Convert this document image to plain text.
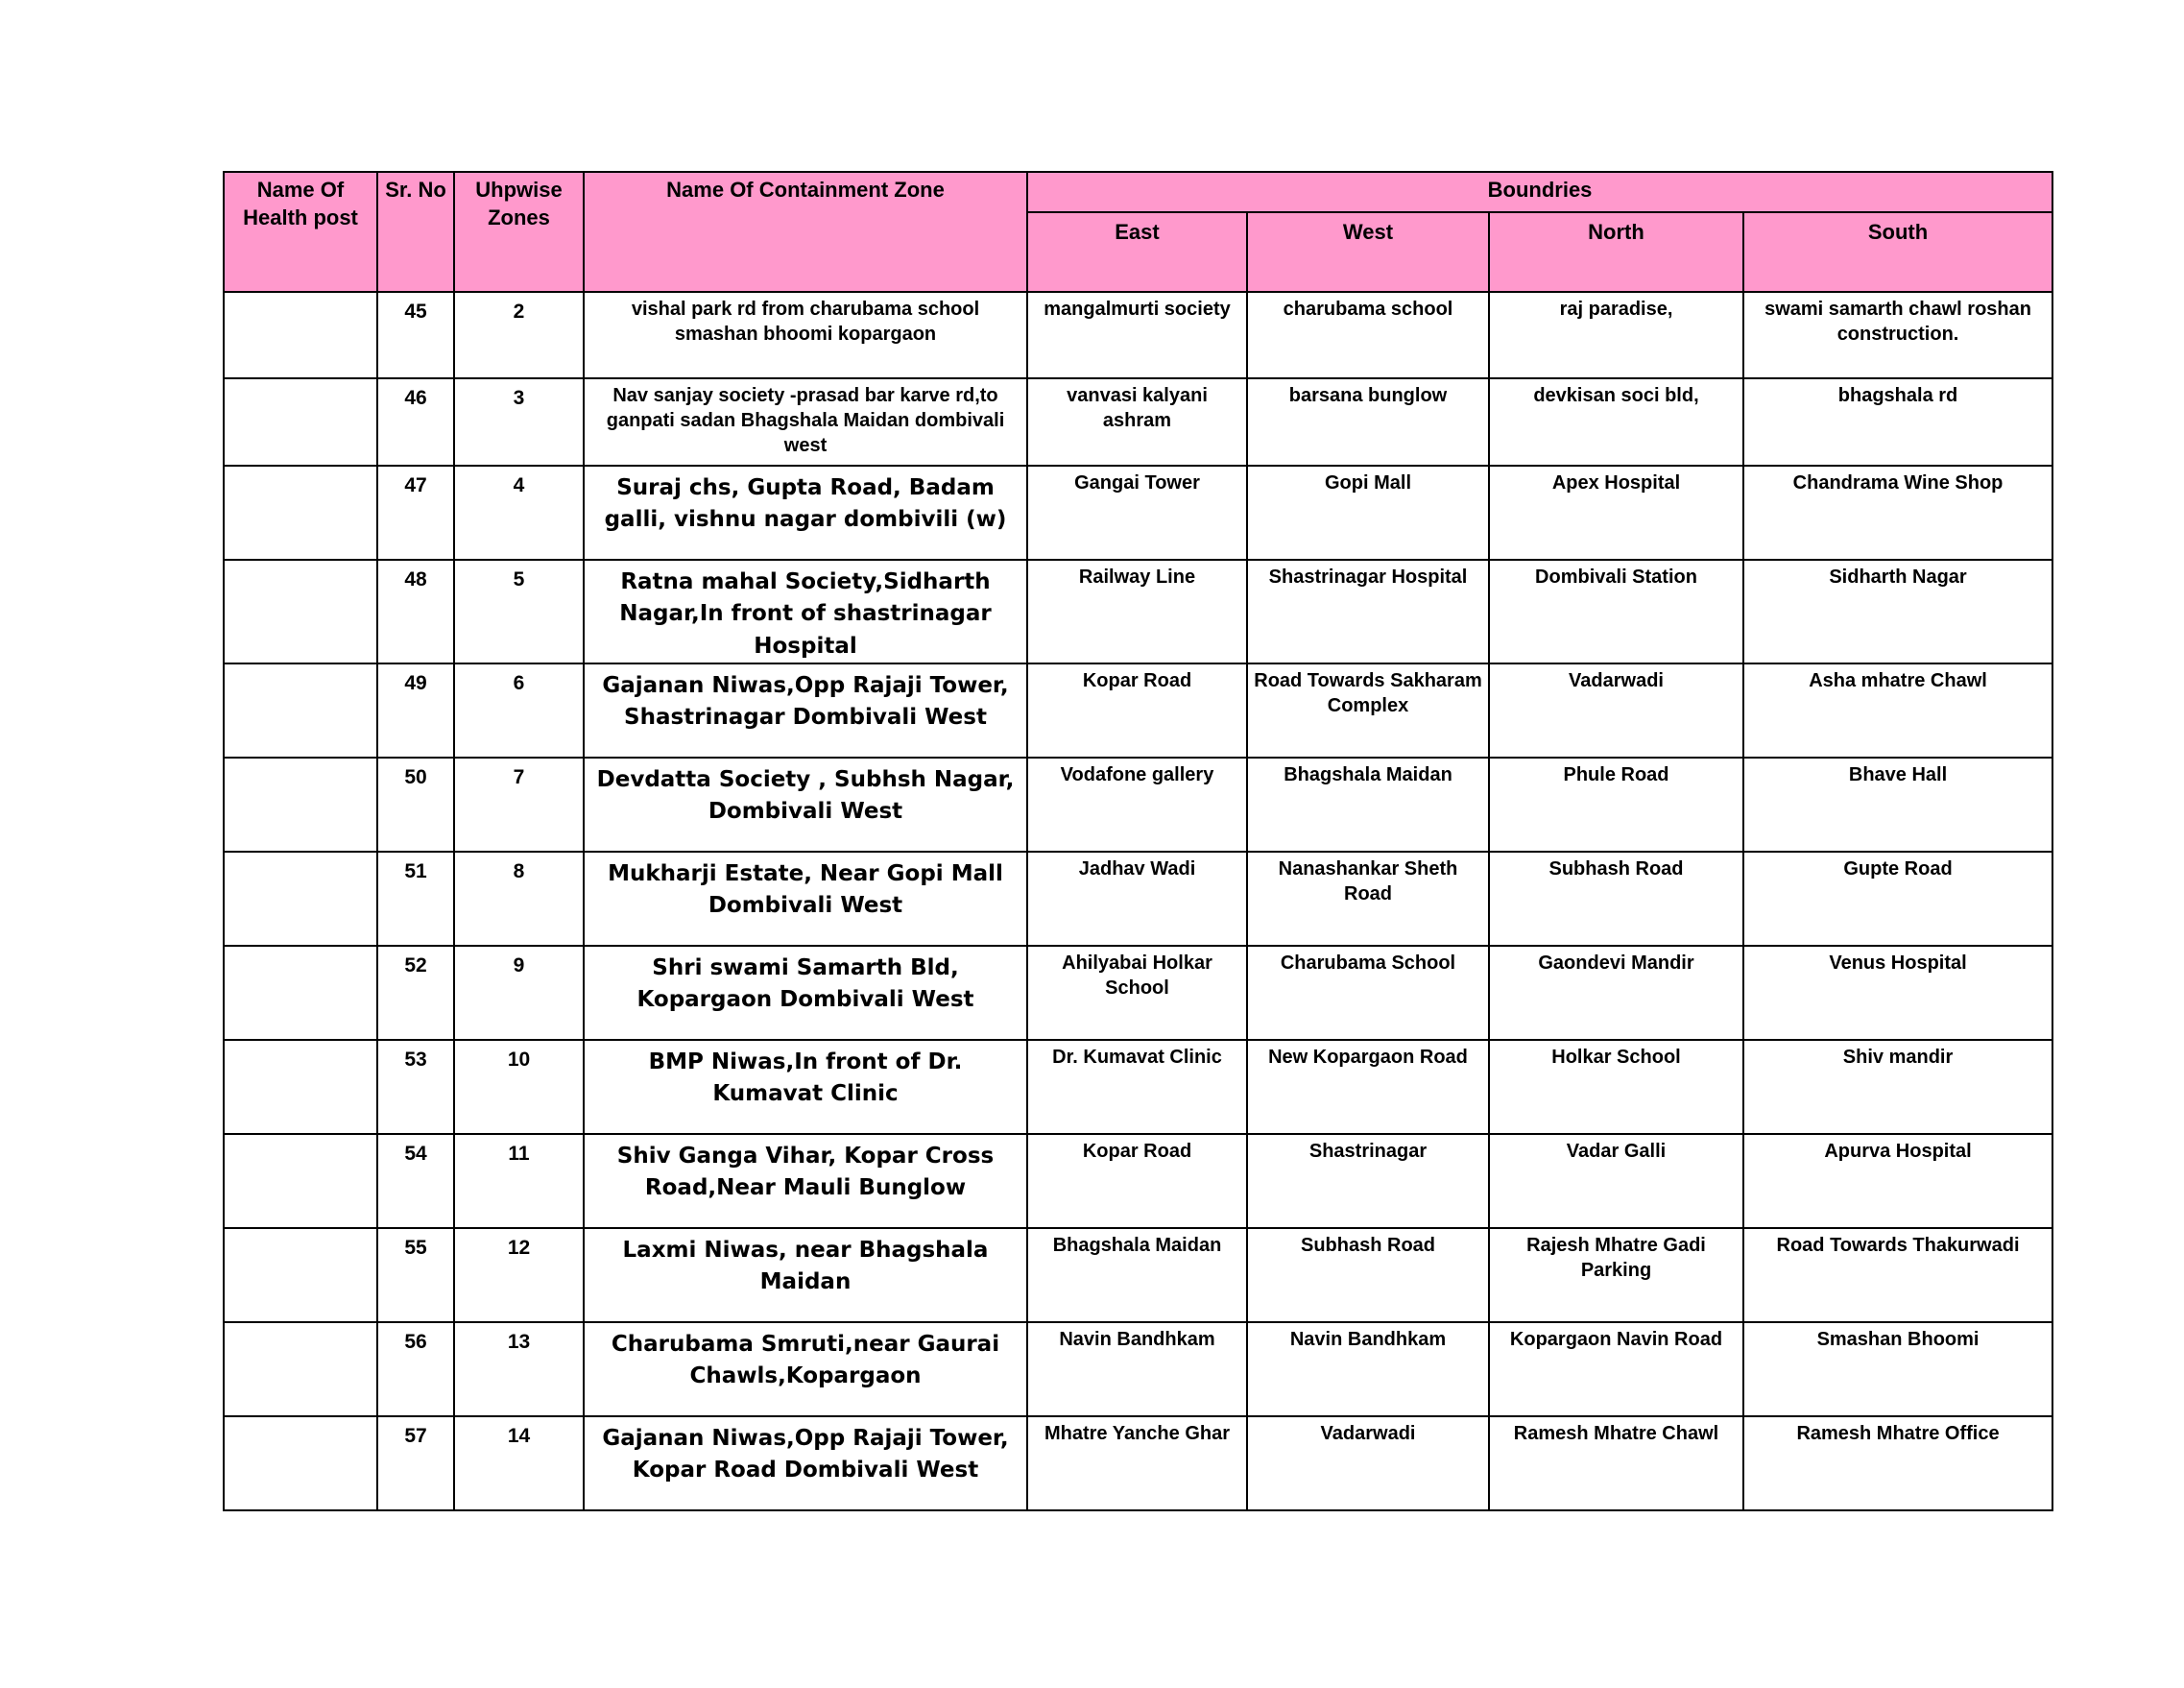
Name Of Health post	Sr. No	Uhpwise Zones	Name Of Containment Zone	Boundries			
				East	West	North	South
	45	2	vishal park rd from charubama school smashan bhoomi kopargaon	mangalmurti society	charubama school	raj paradise,	swami samarth chawl roshan construction.
	46	3	Nav sanjay society -prasad bar karve rd,to ganpati sadan Bhagshala Maidan dombivali west	vanvasi kalyani ashram	barsana bunglow	devkisan soci bld,	bhagshala rd
	47	4	Suraj chs, Gupta Road, Badam galli, vishnu nagar dombivili (w)	Gangai Tower	Gopi Mall	Apex Hospital	Chandrama Wine Shop
	48	5	Ratna mahal Society,Sidharth Nagar,In front of shastrinagar Hospital	Railway Line	Shastrinagar Hospital	Dombivali Station	Sidharth Nagar
	49	6	Gajanan Niwas,Opp Rajaji Tower, Shastrinagar Dombivali West	Kopar Road	Road Towards Sakharam Complex	Vadarwadi	Asha mhatre Chawl
	50	7	Devdatta Society , Subhsh Nagar, Dombivali West	Vodafone gallery	Bhagshala Maidan	Phule Road	Bhave Hall
	51	8	Mukharji Estate, Near Gopi Mall Dombivali West	Jadhav Wadi	Nanashankar Sheth Road	Subhash Road	Gupte Road
	52	9	Shri swami Samarth Bld, Kopargaon Dombivali West	Ahilyabai Holkar School	Charubama School	Gaondevi Mandir	Venus Hospital
	53	10	BMP Niwas,In front of Dr. Kumavat Clinic	Dr. Kumavat Clinic	New Kopargaon Road	Holkar School	Shiv mandir
	54	11	Shiv Ganga Vihar, Kopar Cross Road,Near Mauli Bunglow	Kopar Road	Shastrinagar	Vadar Galli	Apurva Hospital
	55	12	Laxmi Niwas, near Bhagshala Maidan	Bhagshala Maidan	Subhash Road	Rajesh Mhatre Gadi Parking	Road Towards Thakurwadi
	56	13	Charubama Smruti,near Gaurai Chawls,Kopargaon	Navin Bandhkam	Navin Bandhkam	Kopargaon Navin Road	Smashan Bhoomi
	57	14	Gajanan Niwas,Opp Rajaji Tower, Kopar Road Dombivali West	Mhatre Yanche Ghar	Vadarwadi	Ramesh Mhatre Chawl	Ramesh Mhatre Office
